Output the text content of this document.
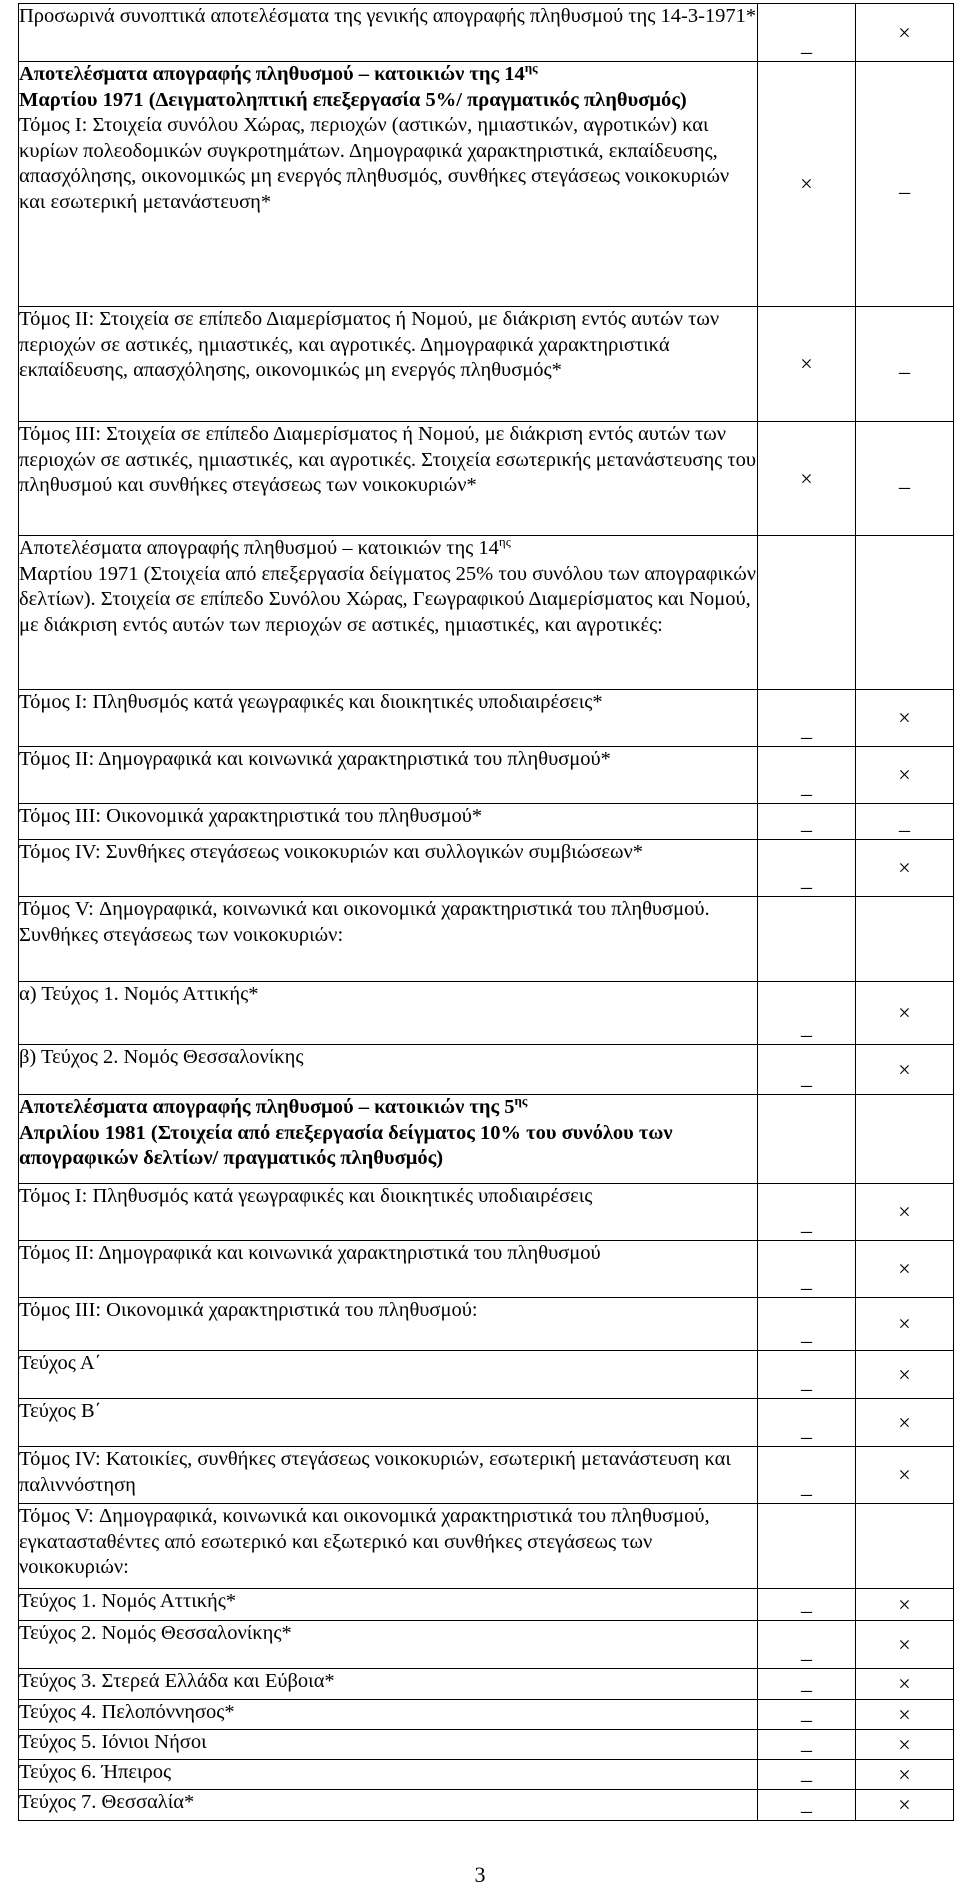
Προσωρινά συνοπτικά αποτελέσματα της γενικής απογραφής πληθυσμού της 14-3-1971*	_	×

Αποτελέσματα απογραφής πληθυσμού – κατοικιών της $14^{\eta\varsigma}$
Μαρτίου 1971 (Δειγματοληπτική επεξεργασία 5%/ πραγματικός πληθυσμός)
Τόμος Ι: Στοιχεία συνόλου Χώρας, περιοχών (αστικών, ημιαστικών, αγροτικών) και κυρίων πολεοδομικών συγκροτημάτων. Δημογραφικά χαρακτηριστικά, εκπαίδευσης, απασχόλησης, οικονομικώς μη ενεργός πληθυσμός, συνθήκες στεγάσεως νοικοκυριών και εσωτερική μετανάστευση*	×	_

Τόμος ΙΙ: Στοιχεία σε επίπεδο Διαμερίσματος ή Νομού, με διάκριση εντός αυτών των περιοχών σε αστικές, ημιαστικές, και αγροτικές. Δημογραφικά χαρακτηριστικά εκπαίδευσης, απασχόλησης, οικονομικώς μη ενεργός πληθυσμός*	×	_

Τόμος ΙΙΙ: Στοιχεία σε επίπεδο Διαμερίσματος ή Νομού, με διάκριση εντός αυτών των περιοχών σε αστικές, ημιαστικές, και αγροτικές. Στοιχεία εσωτερικής μετανάστευσης του πληθυσμού και συνθήκες στεγάσεως των νοικοκυριών*	×	_

Αποτελέσματα απογραφής πληθυσμού – κατοικιών της $14^{\eta\varsigma}$
Μαρτίου 1971 (Στοιχεία από επεξεργασία δείγματος 25% του συνόλου των απογραφικών δελτίων). Στοιχεία σε επίπεδο Συνόλου Χώρας, Γεωγραφικού Διαμερίσματος και Νομού, με διάκριση εντός αυτών των περιοχών σε αστικές, ημιαστικές, και αγροτικές:		

Τόμος Ι: Πληθυσμός κατά γεωγραφικές και διοικητικές υποδιαιρέσεις*	_	×

Τόμος ΙΙ: Δημογραφικά και κοινωνικά χαρακτηριστικά του πληθυσμού*	_	×

Τόμος ΙΙΙ: Οικονομικά χαρακτηριστικά του πληθυσμού*	_	_

Τόμος ΙV: Συνθήκες στεγάσεως νοικοκυριών και συλλογικών συμβιώσεων*	_	×

Τόμος V: Δημογραφικά, κοινωνικά και οικονομικά χαρακτηριστικά του πληθυσμού. Συνθήκες στεγάσεως των νοικοκυριών:		

α) Τεύχος 1. Νομός Αττικής*	_	×

β) Τεύχος 2. Νομός Θεσσαλονίκης	_	×

Αποτελέσματα απογραφής πληθυσμού – κατοικιών της $5^{\eta\varsigma}$
Απριλίου 1981 (Στοιχεία από επεξεργασία δείγματος 10% του συνόλου των απογραφικών δελτίων/ πραγματικός πληθυσμός)		

Τόμος Ι: Πληθυσμός κατά γεωγραφικές και διοικητικές υποδιαιρέσεις	_	×

Τόμος ΙΙ: Δημογραφικά και κοινωνικά χαρακτηριστικά του πληθυσμού	_	×

Τόμος ΙΙΙ: Οικονομικά χαρακτηριστικά του πληθυσμού:	_	×

Τεύχος Α΄	_	×

Τεύχος Β΄	_	×

Τόμος ΙV: Κατοικίες, συνθήκες στεγάσεως νοικοκυριών, εσωτερική μετανάστευση και παλιννόστηση	_	×

Τόμος V: Δημογραφικά, κοινωνικά και οικονομικά χαρακτηριστικά του πληθυσμού, εγκατασταθέντες από εσωτερικό και εξωτερικό και συνθήκες στεγάσεως των νοικοκυριών:		

Τεύχος 1. Νομός Αττικής*	_	×

Τεύχος 2. Νομός Θεσσαλονίκης*	_	×

Τεύχος 3. Στερεά Ελλάδα και Εύβοια*	_	×

Τεύχος 4. Πελοπόννησος*	_	×

Τεύχος 5. Ιόνιοι Νήσοι	_	×

Τεύχος 6. Ήπειρος	_	×

Τεύχος 7. Θεσσαλία*	_	×
3
